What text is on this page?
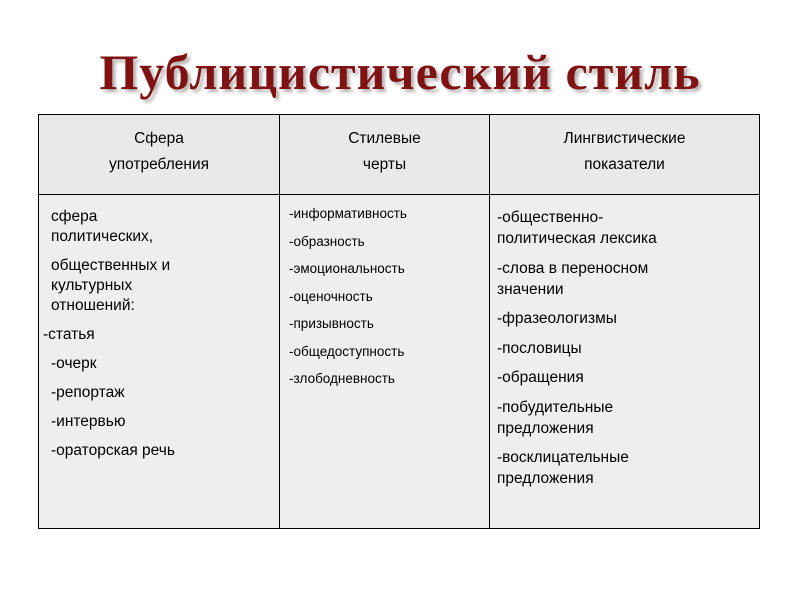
Публицистический стиль
Сфера
употребления
Стилевые
черты
Лингвистические
показатели
сфера
политических,
общественных и
культурных
отношений:
-статья
-очерк
-репортаж
-интервью
-ораторская речь
-информативность
-образность
-эмоциональность
-оценочность
-призывность
-общедоступность
-злободневность
-общественно-
политическая лексика
-слова в переносном
значении
-фразеологизмы
-пословицы
-обращения
-побудительные
предложения
-восклицательные
предложения
